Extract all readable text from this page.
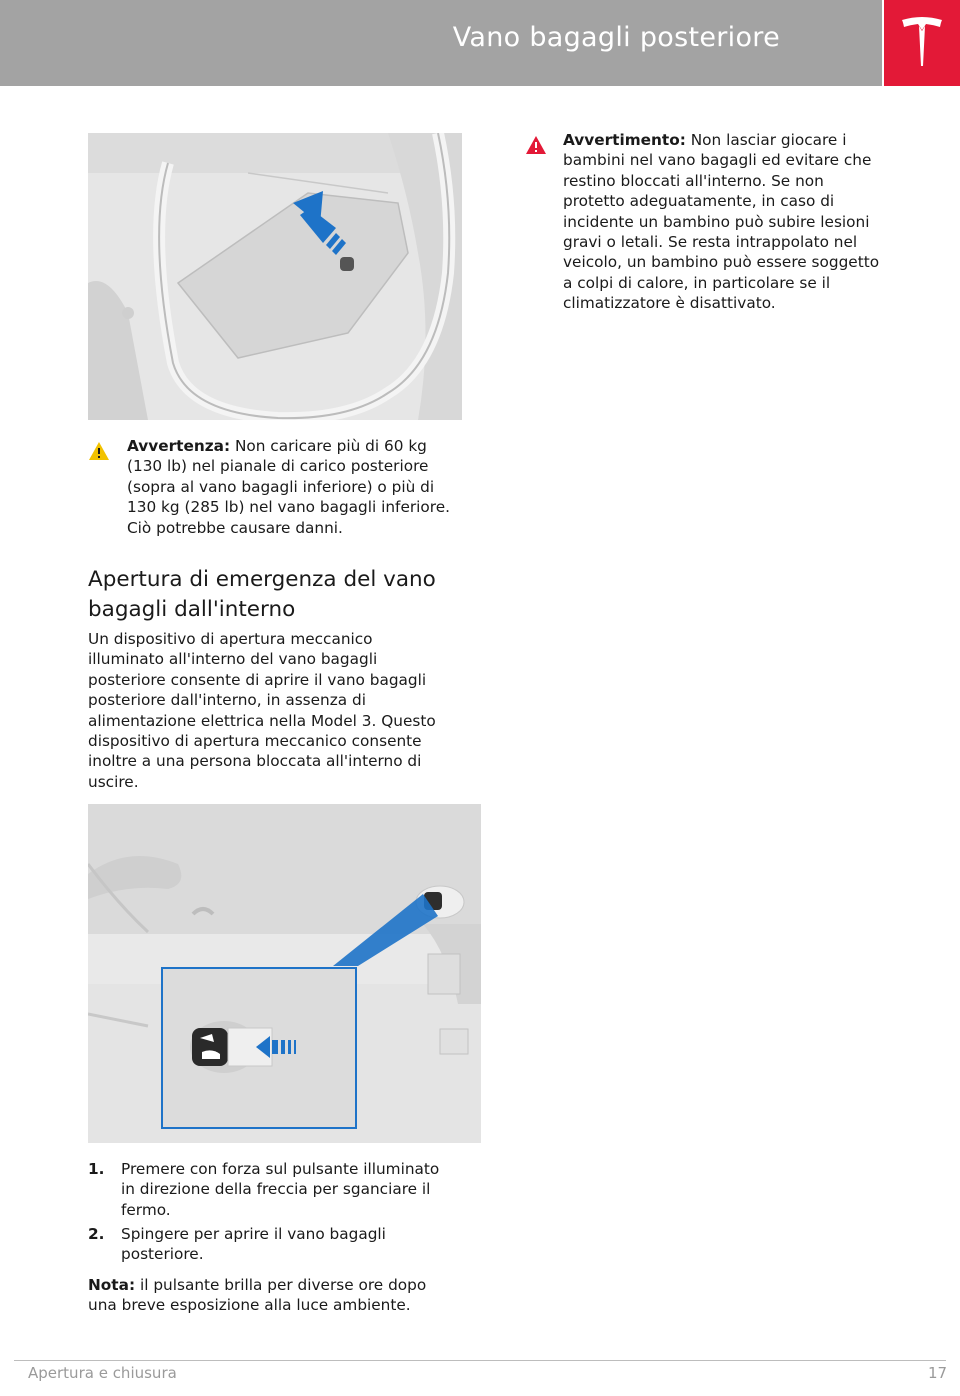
Vano bagagli posteriore
Avvertenza: Non caricare più di 60 kg
(130 lb) nel pianale di carico posteriore
(sopra al vano bagagli inferiore) o più di
130 kg (285 lb) nel vano bagagli inferiore.
Ciò potrebbe causare danni.
Apertura di emergenza del vano
bagagli dall'interno
Un dispositivo di apertura meccanico
illuminato all'interno del vano bagagli
posteriore consente di aprire il vano bagagli
posteriore dall'interno, in assenza di
alimentazione elettrica nella Model 3. Questo
dispositivo di apertura meccanico consente
inoltre a una persona bloccata all'interno di
uscire.
1. Premere con forza sul pulsante illuminato
in direzione della freccia per sganciare il
fermo.
2. Spingere per aprire il vano bagagli
posteriore.
Nota: il pulsante brilla per diverse ore dopo
una breve esposizione alla luce ambiente.
Avvertimento: Non lasciar giocare i
bambini nel vano bagagli ed evitare che
restino bloccati all'interno. Se non
protetto adeguatamente, in caso di
incidente un bambino può subire lesioni
gravi o letali. Se resta intrappolato nel
veicolo, un bambino può essere soggetto
a colpi di calore, in particolare se il
climatizzatore è disattivato.
Apertura e chiusura	17
